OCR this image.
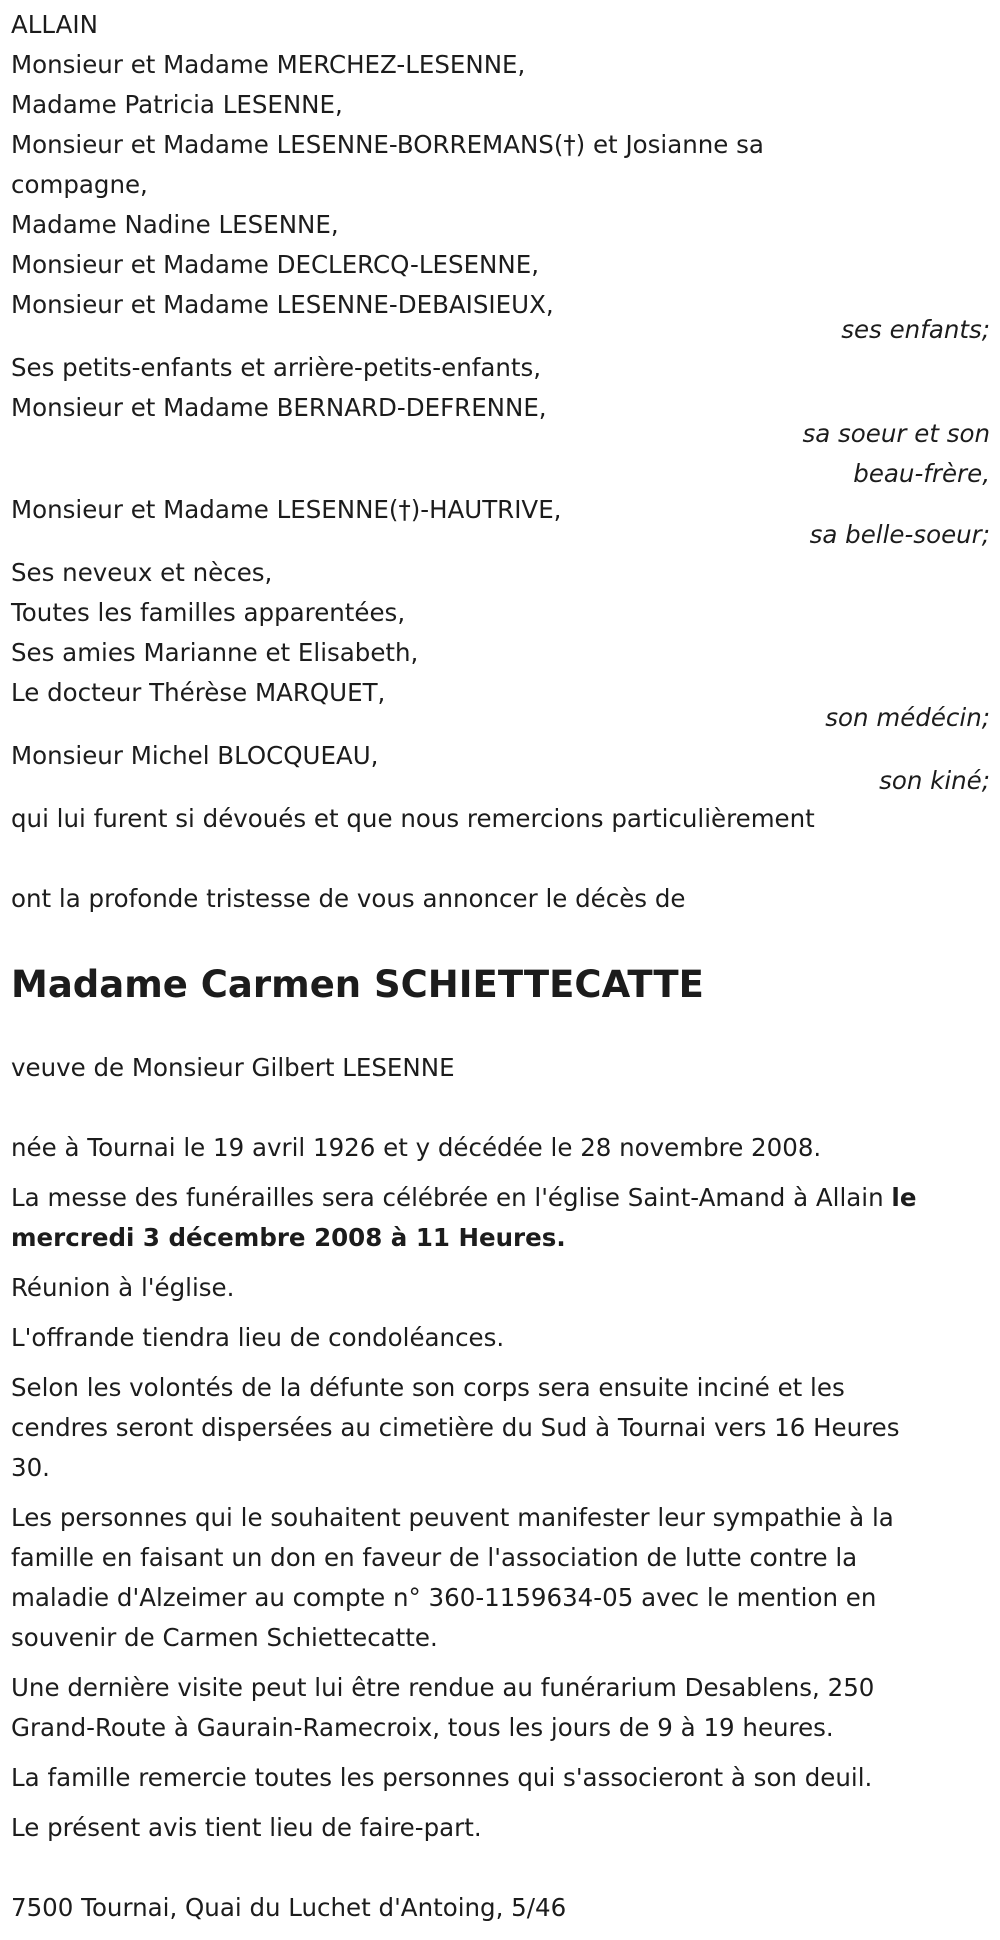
ALLAIN
Monsieur et Madame MERCHEZ-LESENNE,
Madame Patricia LESENNE,
Monsieur et Madame LESENNE-BORREMANS(†) et Josianne sa
compagne,
Madame Nadine LESENNE,
Monsieur et Madame DECLERCQ-LESENNE,
Monsieur et Madame LESENNE-DEBAISIEUX,
ses enfants;
Ses petits-enfants et arrière-petits-enfants,
Monsieur et Madame BERNARD-DEFRENNE,
sa soeur et son
beau-frère,
Monsieur et Madame LESENNE(†)-HAUTRIVE,
sa belle-soeur;
Ses neveux et nèces,
Toutes les familles apparentées,
Ses amies Marianne et Elisabeth,
Le docteur Thérèse MARQUET,
son médécin;
Monsieur Michel BLOCQUEAU,
son kiné;
qui lui furent si dévoués et que nous remercions particulièrement
ont la profonde tristesse de vous annoncer le décès de
Madame Carmen SCHIETTECATTE
veuve de Monsieur Gilbert LESENNE
née à Tournai le 19 avril 1926 et y décédée le 28 novembre 2008.
La messe des funérailles sera célébrée en l'église Saint-Amand à Allain le
mercredi 3 décembre 2008 à 11 Heures.
Réunion à l'église.
L'offrande tiendra lieu de condoléances.
Selon les volontés de la défunte son corps sera ensuite inciné et les
cendres seront dispersées au cimetière du Sud à Tournai vers 16 Heures
30.
Les personnes qui le souhaitent peuvent manifester leur sympathie à la
famille en faisant un don en faveur de l'association de lutte contre la
maladie d'Alzeimer au compte n° 360-1159634-05 avec le mention en
souvenir de Carmen Schiettecatte.
Une dernière visite peut lui être rendue au funérarium Desablens, 250
Grand-Route à Gaurain-Ramecroix, tous les jours de 9 à 19 heures.
La famille remercie toutes les personnes qui s'associeront à son deuil.
Le présent avis tient lieu de faire-part.
7500 Tournai, Quai du Luchet d'Antoing, 5/46
